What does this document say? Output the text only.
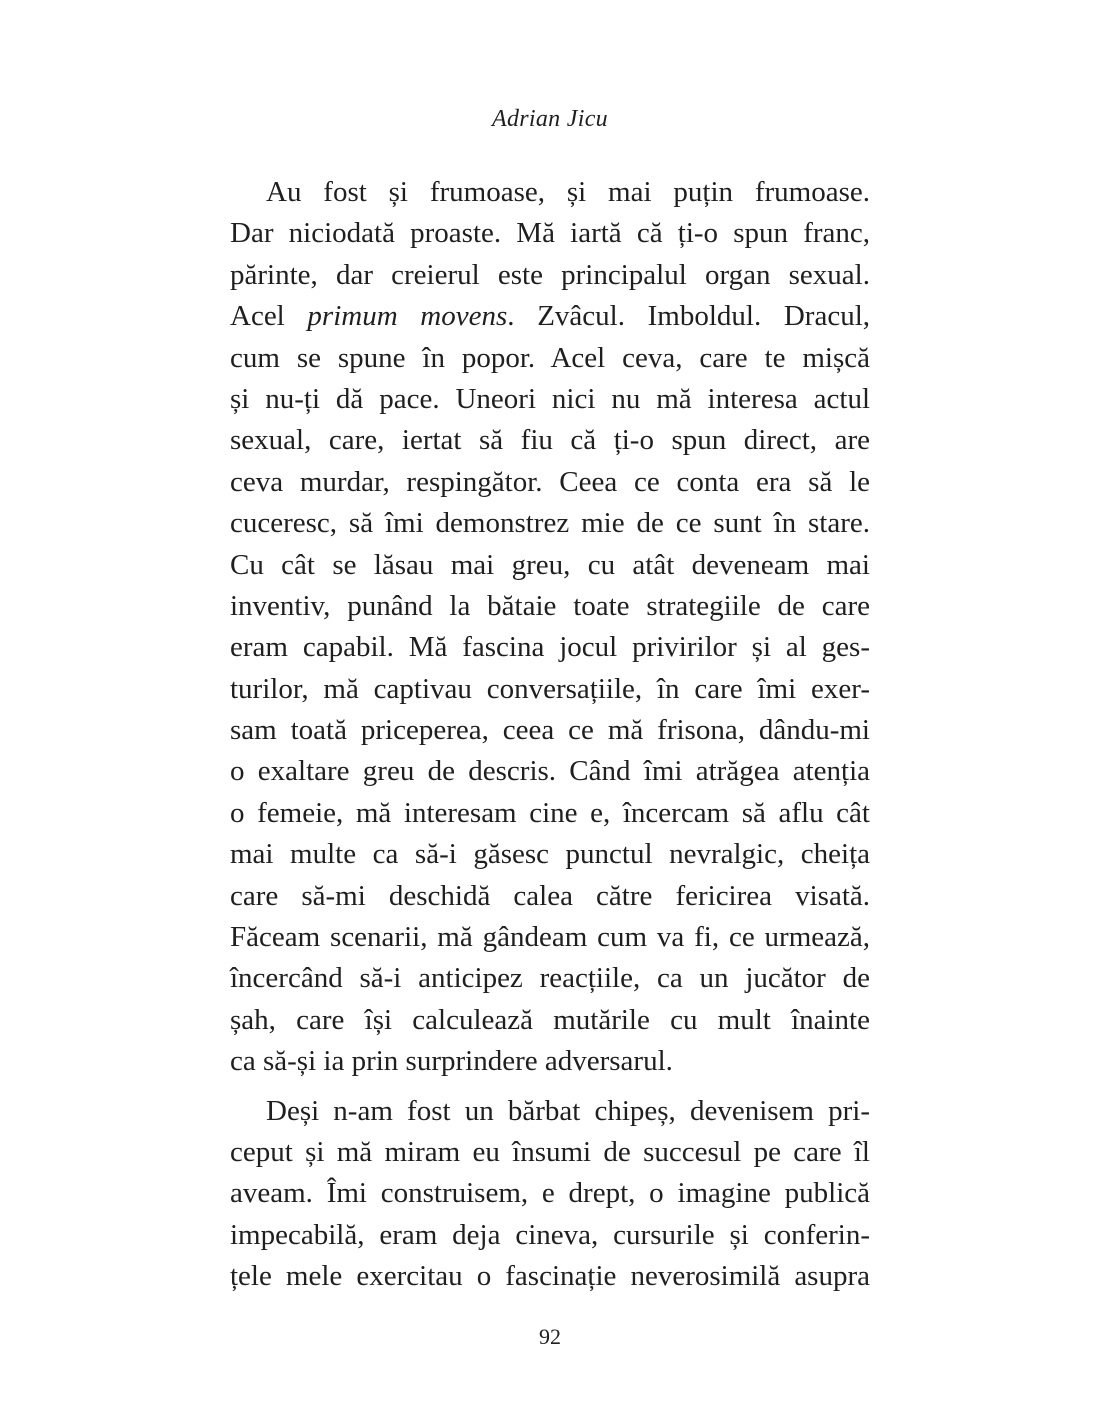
Adrian Jicu
Au fost și frumoase, și mai puțin frumoase.
Dar niciodată proaste. Mă iartă că ți-o spun franc,
părinte, dar creierul este principalul organ sexual.
Acel primum movens. Zvâcul. Imboldul. Dracul,
cum se spune în popor. Acel ceva, care te mișcă
și nu-ți dă pace. Uneori nici nu mă interesa actul
sexual, care, iertat să fiu că ți-o spun direct, are
ceva murdar, respingător. Ceea ce conta era să le
cuceresc, să îmi demonstrez mie de ce sunt în stare.
Cu cât se lăsau mai greu, cu atât deveneam mai
inventiv, punând la bătaie toate strategiile de care
eram capabil. Mă fascina jocul privirilor și al ges-
turilor, mă captivau conversațiile, în care îmi exer-
sam toată priceperea, ceea ce mă frisona, dându-mi
o exaltare greu de descris. Când îmi atrăgea atenția
o femeie, mă interesam cine e, încercam să aflu cât
mai multe ca să-i găsesc punctul nevralgic, cheița
care să-mi deschidă calea către fericirea visată.
Făceam scenarii, mă gândeam cum va fi, ce urmează,
încercând să-i anticipez reacțiile, ca un jucător de
șah, care își calculează mutările cu mult înainte
ca să-și ia prin surprindere adversarul.
Deși n-am fost un bărbat chipeș, devenisem pri-
ceput și mă miram eu însumi de succesul pe care îl
aveam. Îmi construisem, e drept, o imagine publică
impecabilă, eram deja cineva, cursurile și conferin-
țele mele exercitau o fascinație neverosimilă asupra
92
